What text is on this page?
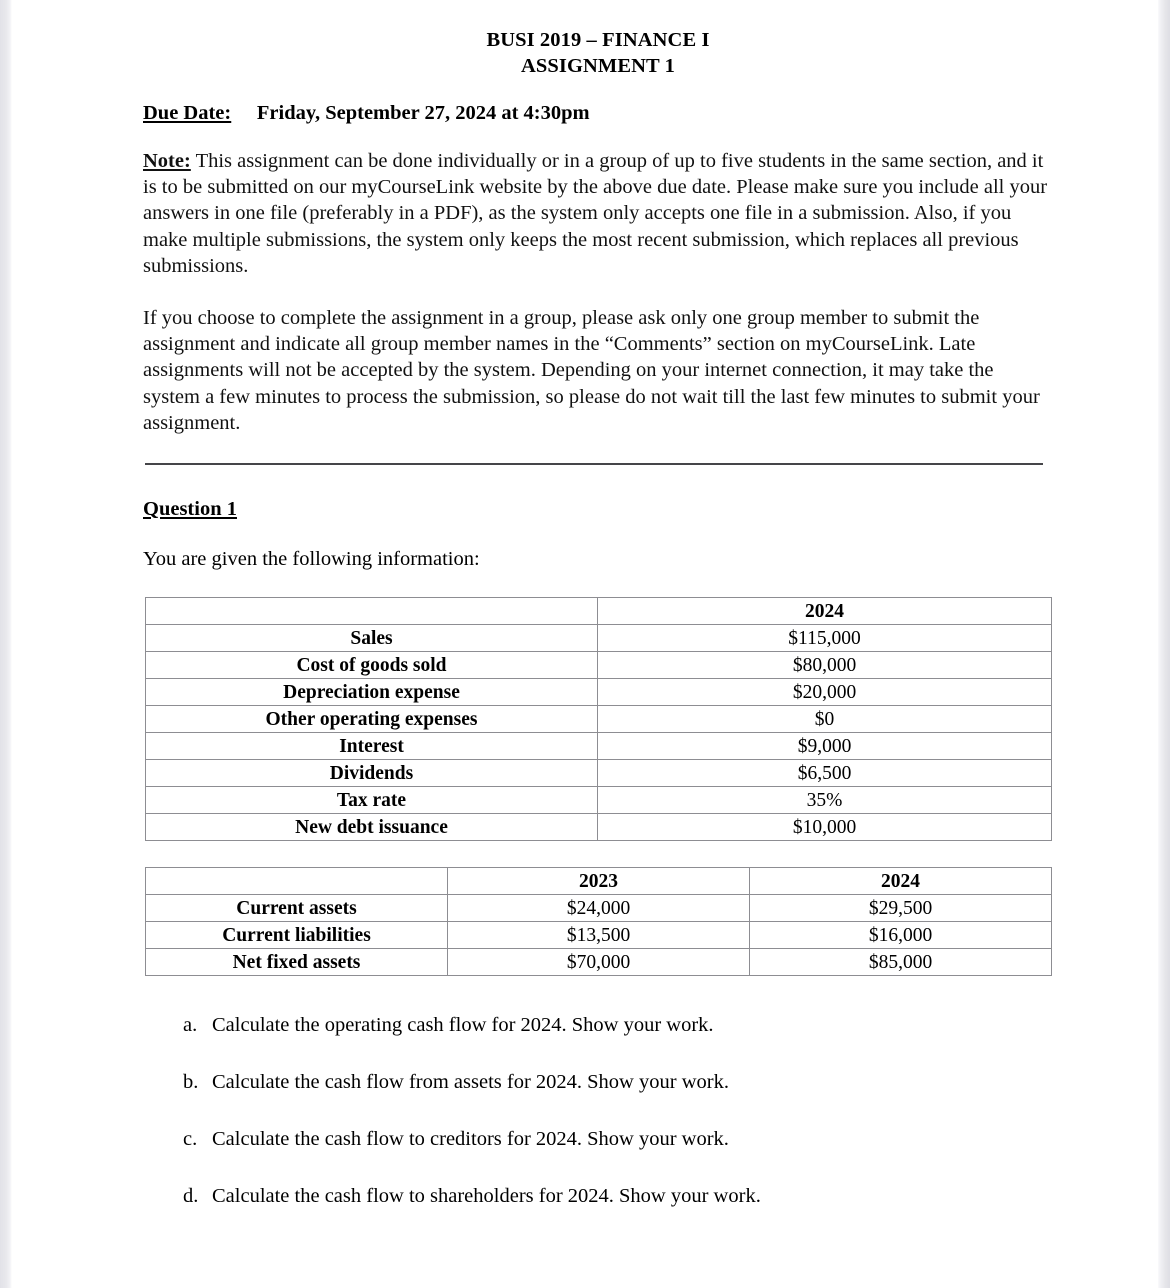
BUSI 2019 – FINANCE I
ASSIGNMENT 1
Due Date: Friday, September 27, 2024 at 4:30pm
Note: This assignment can be done individually or in a group of up to five students in the same section, and it is to be submitted on our myCourseLink website by the above due date. Please make sure you include all your answers in one file (preferably in a PDF), as the system only accepts one file in a submission. Also, if you make multiple submissions, the system only keeps the most recent submission, which replaces all previous submissions.
If you choose to complete the assignment in a group, please ask only one group member to submit the assignment and indicate all group member names in the “Comments” section on myCourseLink. Late assignments will not be accepted by the system. Depending on your internet connection, it may take the system a few minutes to process the submission, so please do not wait till the last few minutes to submit your assignment.
Question 1
You are given the following information:
	2024
Sales	$115,000
Cost of goods sold	$80,000
Depreciation expense	$20,000
Other operating expenses	$0
Interest	$9,000
Dividends	$6,500
Tax rate	35%
New debt issuance	$10,000
	2023	2024
Current assets	$24,000	$29,500
Current liabilities	$13,500	$16,000
Net fixed assets	$70,000	$85,000
a. Calculate the operating cash flow for 2024. Show your work.
b. Calculate the cash flow from assets for 2024. Show your work.
c. Calculate the cash flow to creditors for 2024. Show your work.
d. Calculate the cash flow to shareholders for 2024. Show your work.
